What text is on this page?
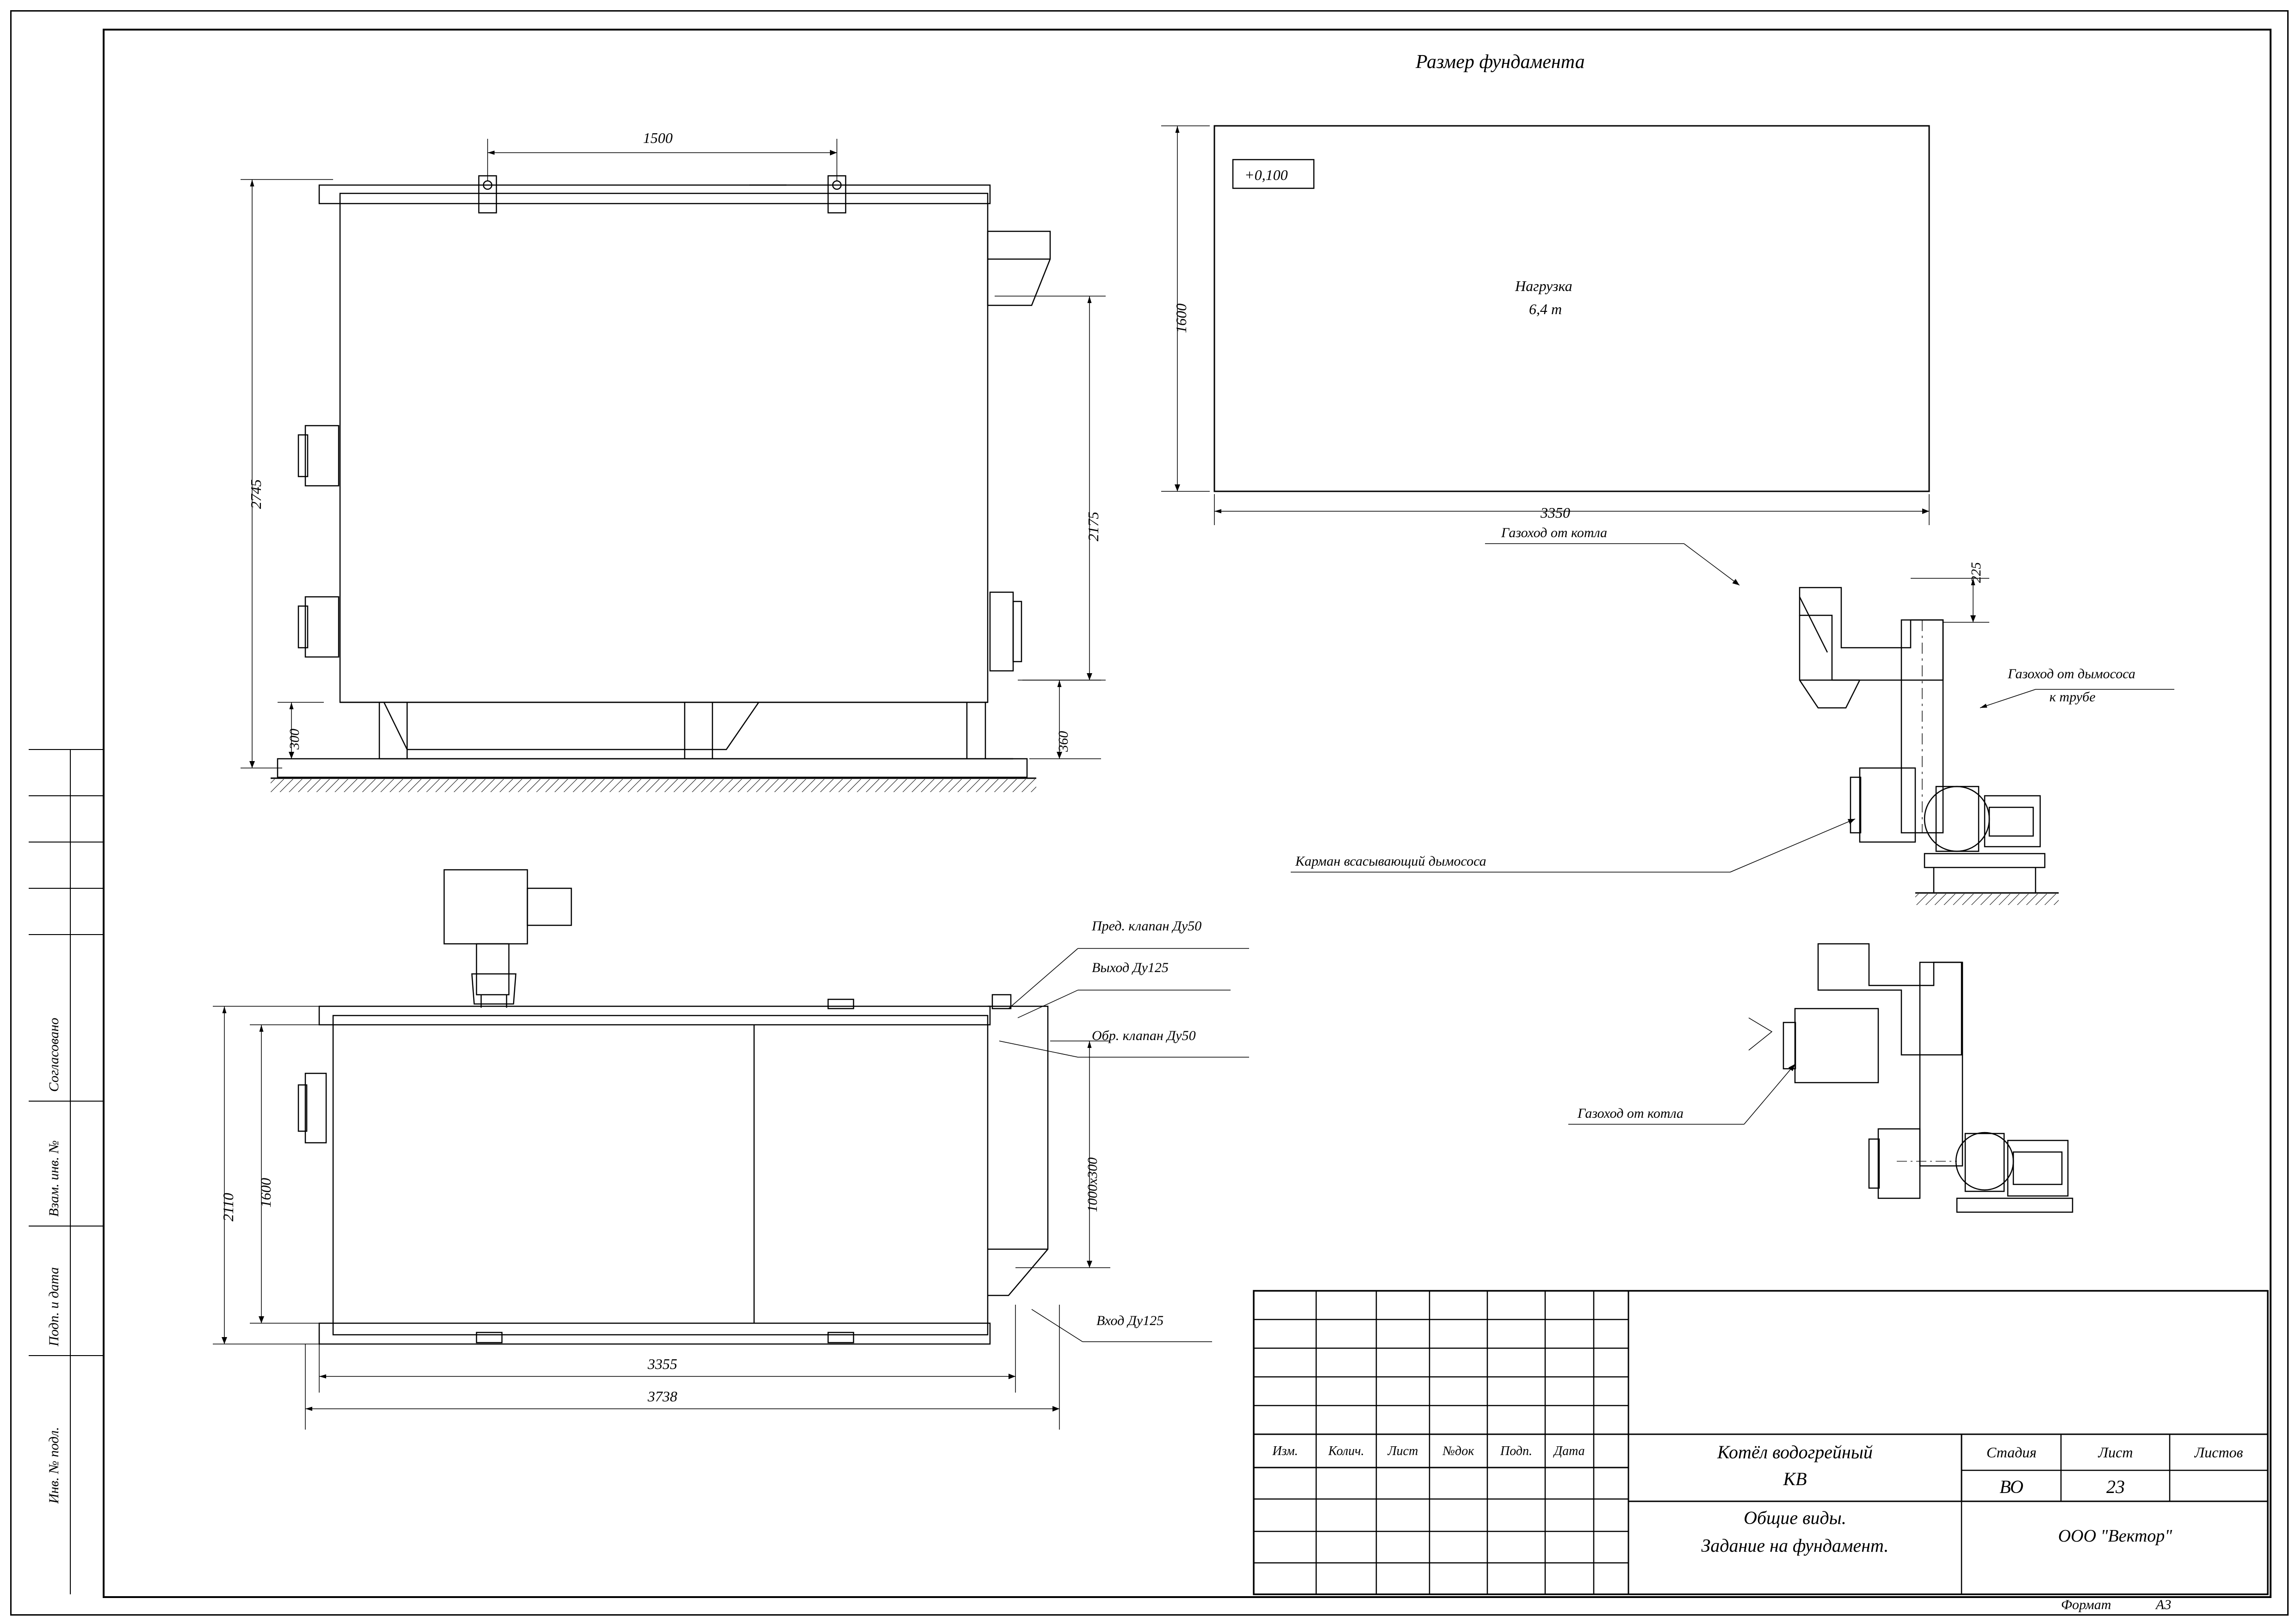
Согласовано
Взам. инв. №
Подп. и дата
Инв. № подл.
Размер фундамента
+0,100
Нагрузка
6,4 т
1600
3350
225
1500
2745
2175
300	360
2110 1600	1000х300
3355
3738
Пред. клапан Ду50
Выход Ду125
Обр. клапан Ду50
Вход Ду125
Газоход от котла
Газоход от дымососа
к трубе
Карман всасывающий дымососа
Газоход от котла
Изм.	Колич.	Лист	№док	Подп.	Дата	Котёл водогрейный
КВ
Общие виды.
Задание на фундамент.
Стадия	Лист	Листов
ВО	23
ООО "Вектор"
Формат	А3
